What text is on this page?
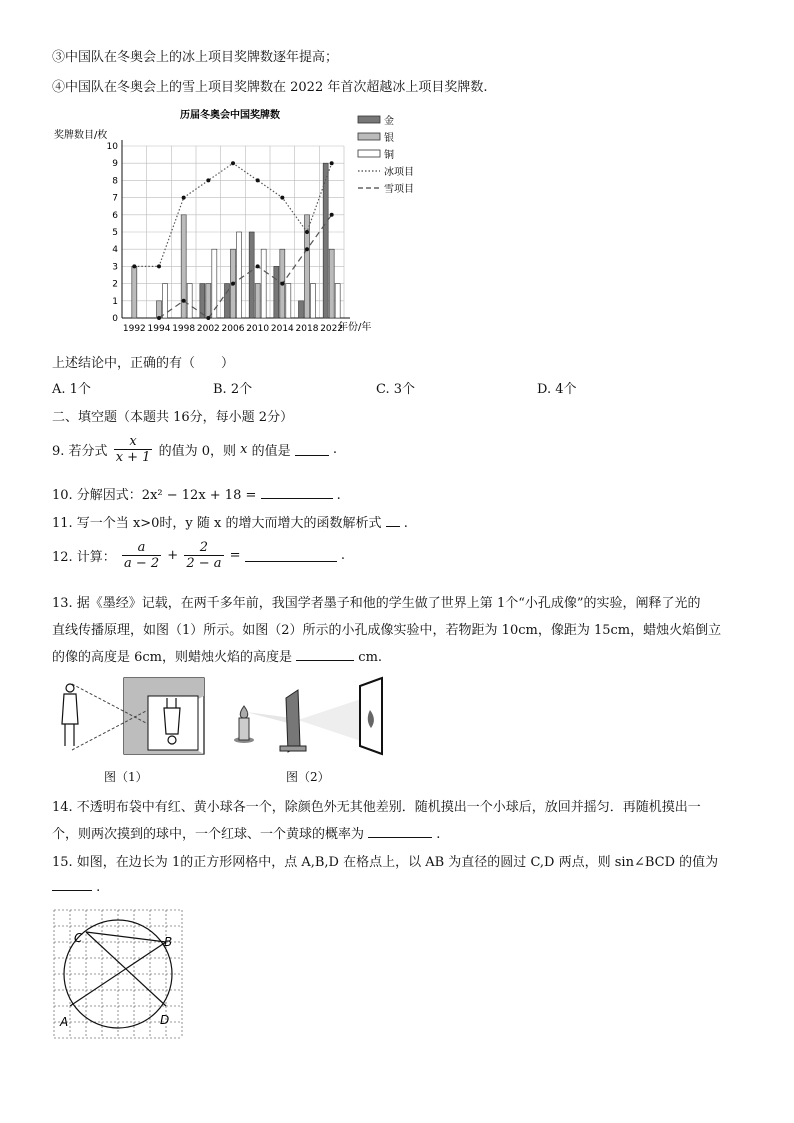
③中国队在冬奥会上的冰上项目奖牌数逐年提高；
④中国队在冬奥会上的雪上项目奖牌数在 2022 年首次超越冰上项目奖牌数.
历届冬奥会中国奖牌数
奖牌数目/枚
年份/年
0
1
2
3
4
5
6
7
8
9
10
1992 1994 1998 2002 2006 2010 2014 2018 2022
金
银
铜
冰项目
雪项目
上述结论中，正确的有（　　）
A. 1个	B. 2个	C. 3个	D. 4个
二、填空题（本题共 16分，每小题 2分）
9. 若分式 $\frac{x}{x + 1}$ 的值为 0，则 x 的值是	.
10. 分解因式：2x² − 12x + 18 =	.
11. 写一个当 x>0时，y 随 x 的增大而增大的函数解析式 .
12. 计算： $\frac{a}{a - 2} + \frac{2}{2 - a}$ =	.
13. 据《墨经》记载，在两千多年前，我国学者墨子和他的学生做了世界上第 1个“小孔成像”的实验，阐释了光的
直线传播原理，如图（1）所示。如图（2）所示的小孔成像实验中，若物距为 10cm，像距为 15cm，蜡烛火焰倒立
的像的高度是 6cm，则蜡烛火焰的高度是	cm.
图（1）	图（2）
14. 不透明布袋中有红、黄小球各一个，除颜色外无其他差别．随机摸出一个小球后，放回并摇匀．再随机摸出一
个，则两次摸到的球中，一个红球、一个黄球的概率为	.
15. 如图，在边长为 1的正方形网格中，点 A,B,D 在格点上，以 AB 为直径的圆过 C,D 两点，则 sin∠BCD 的值为
.
A
B
C
D
